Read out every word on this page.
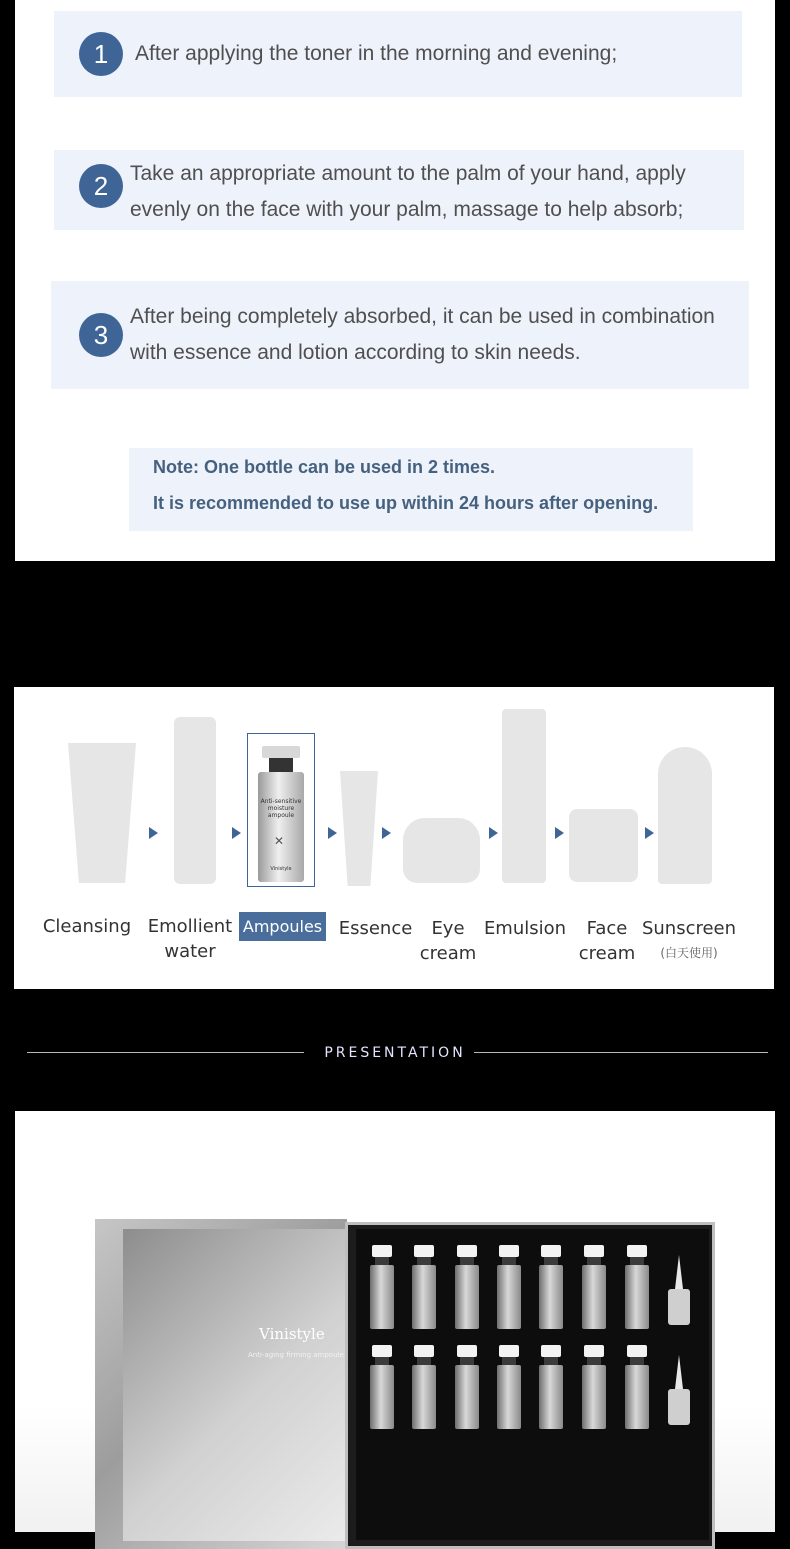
1	After applying the toner in the morning and evening;
2	Take an appropriate amount to the palm of your hand, apply
evenly on the face with your palm, massage to help absorb;
3
After being completely absorbed, it can be used in combination
with essence and lotion according to skin needs.
Note: One bottle can be used in 2 times.
It is recommended to use up within 24 hours after opening.
Anti-sensitive
moisture
ampoule
✕
Vinistyle
Cleansing Emollient
water
Ampoules Essence	Eye
cream
Emulsion	Face
cream
Sunscreen
(白天使用)
PRESENTATION
Vinistyle
Anti-aging firming ampoule
